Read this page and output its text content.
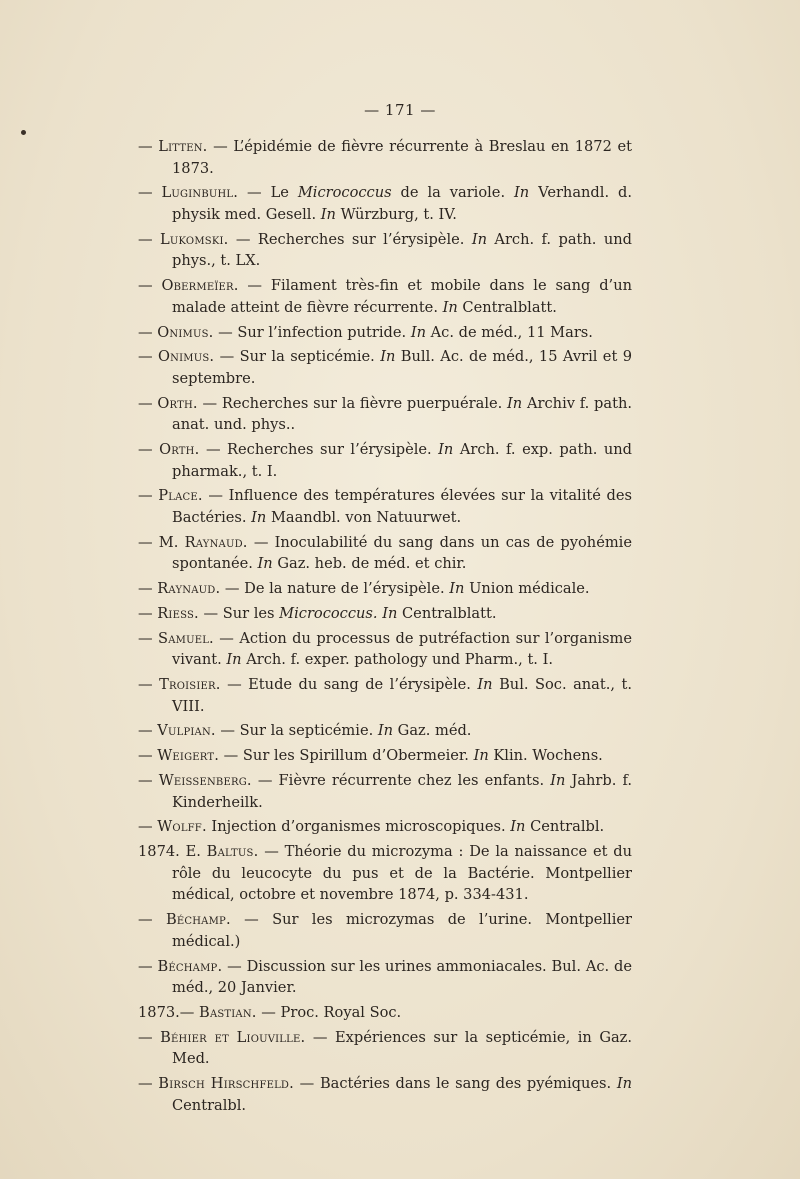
— 171 —

— Litten. — L’épidémie de fièvre récurrente à Breslau en 1872 et 1873.

— Luginbuhl. — Le Micrococcus de la variole. In Verhandl. d. physik med. Gesell. In Würzburg, t. IV.

— Lukomski. — Recherches sur l’érysipèle. In Arch. f. path. und phys., t. LX.

— Obermeïer. — Filament très-fin et mobile dans le sang d’un malade atteint de fièvre récurrente. In Centralblatt.

— Onimus. — Sur l’infection putride. In Ac. de méd., 11 Mars.

— Onimus. — Sur la septicémie. In Bull. Ac. de méd., 15 Avril et 9 septembre.

— Orth. — Recherches sur la fièvre puerpuérale. In Archiv f. path. anat. und. phys..

— Orth. — Recherches sur l’érysipèle. In Arch. f. exp. path. und pharmak., t. I.

— Place. — Influence des températures élevées sur la vitalité des Bactéries. In Maandbl. von Natuurwet.

— M. Raynaud. — Inoculabilité du sang dans un cas de pyohémie spontanée. In Gaz. heb. de méd. et chir.

— Raynaud. — De la nature de l’érysipèle. In Union médicale.

— Riess. — Sur les Micrococcus. In Centralblatt.

— Samuel. — Action du processus de putréfaction sur l’organisme vivant. In Arch. f. exper. pathology und Pharm., t. I.

— Troisier. — Etude du sang de l’érysipèle. In Bul. Soc. anat., t. VIII.

— Vulpian. — Sur la septicémie. In Gaz. méd.

— Weigert. — Sur les Spirillum d’Obermeier. In Klin. Wochens.

— Weissenberg. — Fièvre récurrente chez les enfants. In Jahrb. f. Kinderheilk.

— Wolff. Injection d’organismes microscopiques. In Centralbl.

1874. E. Baltus. — Théorie du microzyma : De la naissance et du rôle du leucocyte du pus et de la Bactérie. Montpellier médical, octobre et novembre 1874, p. 334-431.

— Béchamp. — Sur les microzymas de l’urine. Montpellier médical.)

— Béchamp. — Discussion sur les urines ammoniacales. Bul. Ac. de méd., 20 Janvier.

1873.— Bastian. — Proc. Royal Soc.

— Béhier et Liouville. — Expériences sur la septicémie, in Gaz. Med.

— Birsch Hirschfeld. — Bactéries dans le sang des pyémiques. In Centralbl.
